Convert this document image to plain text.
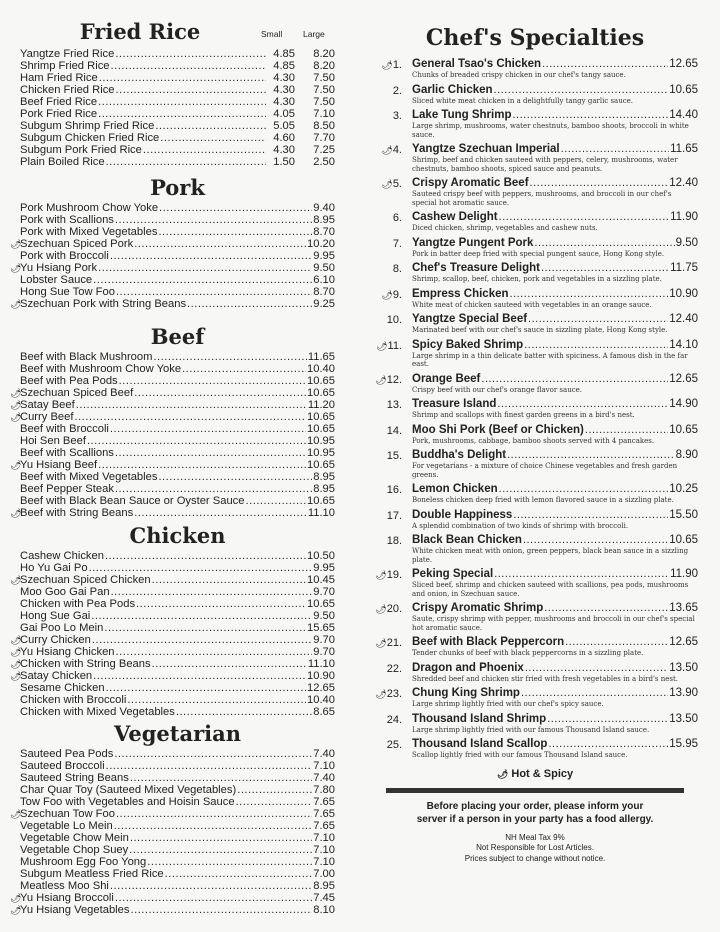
Fried Rice	Small Large
Yangtze Fried Rice .....	4.85	8.20
Shrimp Fried Rice .....	4.85	8.20
Ham Fried Rice .....	4.30	7.50
Chicken Fried Rice .....	4.30	7.50
Beef Fried Rice .....	4.30	7.50
Pork Fried Rice .....	4.05	7.10
Subgum Shrimp Fried Rice .....	5.05	8.50
Subgum Chicken Fried Rice .....	4.60	7.70
Subgum Pork Fried Rice .....	4.30	7.25
Plain Boiled Rice .....	1.50	2.50
Pork
Pork Mushroom Chow Yoke .....	9.40
Pork with Scallions .....	8.95
Pork with Mixed Vegetables .....	8.70
🌶︎
Szechuan Spiced Pork .....	10.20
Pork with Broccoli .....	9.95
🌶︎
Yu Hsiang Pork .....	9.50
Lobster Sauce .....	6.10
Hong Sue Tow Foo .....	8.70
🌶︎
Szechuan Pork with String Beans .....	9.25
Beef
Beef with Black Mushroom .....	11.65
Beef with Mushroom Chow Yoke .....	10.40
Beef with Pea Pods .....	10.65
🌶︎
Szechuan Spiced Beef .....	10.65
🌶︎
Satay Beef .....	11.20
🌶︎
Curry Beef .....	10.65
Beef with Broccoli .....	10.65
Hoi Sen Beef .....	10.95
Beef with Scallions .....	10.95
🌶︎
Yu Hsiang Beef .....	10.65
Beef with Mixed Vegetables .....	8.95
Beef Pepper Steak .....	8.95
Beef with Black Bean Sauce or Oyster Sauce .....	10.65
🌶︎
Beef with String Beans .....	11.10
Chicken
Cashew Chicken .....	10.50
Ho Yu Gai Po .....	9.95
🌶︎
Szechuan Spiced Chicken .....	10.45
Moo Goo Gai Pan .....	9.70
Chicken with Pea Pods .....	10.65
Hong Sue Gai .....	9.50
Gai Poo Lo Mein .....	15.65
🌶︎
Curry Chicken .....	9.70
🌶︎
Yu Hsiang Chicken .....	9.70
🌶︎
Chicken with String Beans .....	11.10
🌶︎
Satay Chicken .....	10.90
Sesame Chicken .....	12.65
Chicken with Broccoli .....	10.40
Chicken with Mixed Vegetables .....	8.65
Vegetarian
Sauteed Pea Pods .....	7.40
Sauteed Broccoli .....	7.10
Sauteed String Beans .....	7.40
Char Quar Toy (Sauteed Mixed Vegetables) .....	7.80
Tow Foo with Vegetables and Hoisin Sauce .....	7.65
🌶︎
Szechuan Tow Foo .....	7.65
Vegetable Lo Mein .....	7.65
Vegetable Chow Mein .....	7.10
Vegetable Chop Suey .....	7.10
Mushroom Egg Foo Yong .....	7.10
Subgum Meatless Fried Rice .....	7.00
Meatless Moo Shi .....	8.95
🌶︎
Yu Hsiang Broccoli .....	7.45
🌶︎
Yu Hsiang Vegetables .....	8.10
Chef's Specialties
🌶︎1. General Tsao's Chicken .....	12.65
Chunks of breaded crispy chicken in our chef's tangy sauce.
2. Garlic Chicken .....	10.65
Sliced white meat chicken in a delightfully tangy garlic sauce.
3. Lake Tung Shrimp .....	14.40
Large shrimp, mushrooms, water chestnuts, bamboo shoots, broccoli in white sauce.
🌶︎4. Yangtze Szechuan Imperial .....	11.65
Shrimp, beef and chicken sauteed with peppers, celery, mushrooms, water chestnuts, bamboo shoots, spiced sauce and peanuts.
🌶︎5. Crispy Aromatic Beef .....	12.40
Sauteed crispy beef with peppers, mushrooms, and broccoli in our chef's special hot aromatic sauce.
6. Cashew Delight .....	11.90
Diced chicken, shrimp, vegetables and cashew nuts.
7. Yangtze Pungent Pork .....	9.50
Pork in batter deep fried with special pungent sauce, Hong Kong style.
8. Chef's Treasure Delight .....	11.75
Shrimp, scallop, beef, chicken, pork and vegetables in a sizzling plate.
🌶︎9. Empress Chicken .....	10.90
White meat of chicken sauteed with vegetables in an orange sauce.
10. Yangtze Special Beef .....	12.40
Marinated beef with our chef's sauce in sizzling plate, Hong Kong style.
🌶︎11. Spicy Baked Shrimp .....	14.10
Large shrimp in a thin delicate batter with spiciness. A famous dish in the far east.
🌶︎12. Orange Beef .....	12.65
Crispy beef with our chef's orange flavor sauce.
13. Treasure Island .....	14.90
Shrimp and scallops with finest garden greens in a bird's nest.
14. Moo Shi Pork (Beef or Chicken) .....	10.65
Pork, mushrooms, cabbage, bamboo shoots served with 4 pancakes.
15. Buddha's Delight .....	8.90
For vegetarians - a mixture of choice Chinese vegetables and fresh garden greens.
16. Lemon Chicken .....	10.25
Boneless chicken deep fried with lemon flavored sauce in a sizzling plate.
17. Double Happiness .....	15.50
A splendid combination of two kinds of shrimp with broccoli.
18. Black Bean Chicken .....	10.65
White chicken meat with onion, green peppers, black bean sauce in a sizzling plate.
🌶︎19. Peking Special .....	11.90
Sliced beef, shrimp and chicken sauteed with scallions, pea pods, mushrooms and onion, in Szechuan sauce.
🌶︎20. Crispy Aromatic Shrimp .....	13.65
Saute, crispy shrimp with pepper, mushrooms and broccoli in our chef's special hot aromatic sauce.
🌶︎21. Beef with Black Peppercorn .....	12.65
Tender chunks of beef with black peppercorns in a sizzling plate.
22. Dragon and Phoenix .....	13.50
Shredded beef and chicken stir fried with fresh vegetables in a bird's nest.
🌶︎23. Chung King Shrimp .....	13.90
Large shrimp lightly fried with our chef's spicy sauce.
24. Thousand Island Shrimp .....	13.50
Large shrimp lightly fried with our famous Thousand Island sauce.
25. Thousand Island Scallop .....	15.95
Scallop lightly fried with our famous Thousand Island sauce.
🌶︎ Hot & Spicy
Before placing your order, please inform your
server if a person in your party has a food allergy.
NH Meal Tax 9%
Not Responsible for Lost Articles.
Prices subject to change without notice.
